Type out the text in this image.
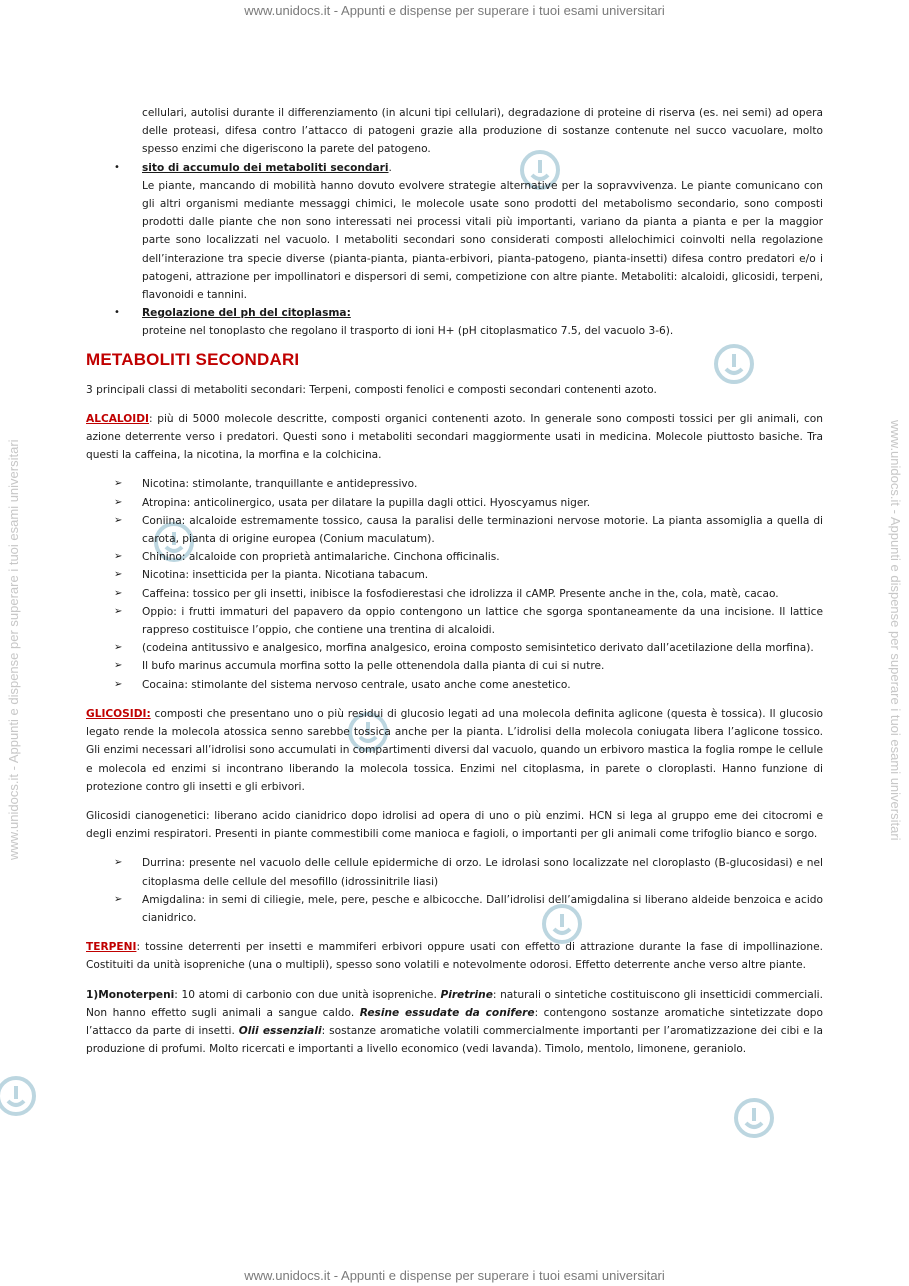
www.unidocs.it - Appunti e dispense per superare i tuoi esami universitari
www.unidocs.it - Appunti e dispense per superare i tuoi esami universitari
www.unidocs.it - Appunti e dispense per superare i tuoi esami universitari	www.unidocs.it - Appunti e dispense per superare i tuoi esami universitari

cellulari, autolisi durante il differenziamento (in alcuni tipi cellulari), degradazione di proteine di riserva (es. nei semi) ad opera delle proteasi, difesa contro l’attacco di patogeni grazie alla produzione di sostanze contenute nel succo vacuolare, molto spesso enzimi che digeriscono la parete del patogeno.

• sito di accumulo dei metaboliti secondari.

Le piante, mancando di mobilità hanno dovuto evolvere strategie alternative per la sopravvivenza. Le piante comunicano con gli altri organismi mediante messaggi chimici, le molecole usate sono prodotti del metabolismo secondario, sono composti prodotti dalle piante che non sono interessati nei processi vitali più importanti, variano da pianta a pianta e per la maggior parte sono localizzati nel vacuolo. I metaboliti secondari sono considerati composti allelochimici coinvolti nella regolazione dell’interazione tra specie diverse (pianta-pianta, pianta-erbivori, pianta-patogeno, pianta-insetti) difesa contro predatori e/o i patogeni, attrazione per impollinatori e dispersori di semi, competizione con altre piante. Metaboliti: alcaloidi, glicosidi, terpeni, flavonoidi e tannini.

• Regolazione del ph del citoplasma:

proteine nel tonoplasto che regolano il trasporto di ioni H+ (pH citoplasmatico 7.5, del vacuolo 3-6).

METABOLITI SECONDARI

3 principali classi di metaboliti secondari: Terpeni, composti fenolici e composti secondari contenenti azoto.

ALCALOIDI: più di 5000 molecole descritte, composti organici contenenti azoto. In generale sono composti tossici per gli animali, con azione deterrente verso i predatori. Questi sono i metaboliti secondari maggiormente usati in medicina. Molecole piuttosto basiche. Tra questi la caffeina, la nicotina, la morfina e la colchicina.

➢ Nicotina: stimolante, tranquillante e antidepressivo.

➢ Atropina: anticolinergico, usata per dilatare la pupilla dagli ottici. Hyoscyamus niger.

➢ Coniina: alcaloide estremamente tossico, causa la paralisi delle terminazioni nervose motorie. La pianta assomiglia a quella di carota, pianta di origine europea (Conium maculatum).

➢ Chinino: alcaloide con proprietà antimalariche. Cinchona officinalis.

➢ Nicotina: insetticida per la pianta. Nicotiana tabacum.

➢ Caffeina: tossico per gli insetti, inibisce la fosfodierestasi che idrolizza il cAMP. Presente anche in the, cola, matè, cacao.

➢ Oppio: i frutti immaturi del papavero da oppio contengono un lattice che sgorga spontaneamente da una incisione. Il lattice rappreso costituisce l’oppio, che contiene una trentina di alcaloidi.

➢ (codeina antitussivo e analgesico, morfina analgesico, eroina composto semisintetico derivato dall’acetilazione della morfina).

➢ Il bufo marinus accumula morfina sotto la pelle ottenendola dalla pianta di cui si nutre.

➢ Cocaina: stimolante del sistema nervoso centrale, usato anche come anestetico.

GLICOSIDI: composti che presentano uno o più residui di glucosio legati ad una molecola definita aglicone (questa è tossica). Il glucosio legato rende la molecola atossica senno sarebbe tossica anche per la pianta. L’idrolisi della molecola coniugata libera l’aglicone tossico. Gli enzimi necessari all’idrolisi sono accumulati in compartimenti diversi dal vacuolo, quando un erbivoro mastica la foglia rompe le cellule e molecola ed enzimi si incontrano liberando la molecola tossica. Enzimi nel citoplasma, in parete o cloroplasti. Hanno funzione di protezione contro gli insetti e gli erbivori.

Glicosidi cianogenetici: liberano acido cianidrico dopo idrolisi ad opera di uno o più enzimi. HCN si lega al gruppo eme dei citocromi e degli enzimi respiratori. Presenti in piante commestibili come manioca e fagioli, o importanti per gli animali come trifoglio bianco e sorgo.

➢ Durrina: presente nel vacuolo delle cellule epidermiche di orzo. Le idrolasi sono localizzate nel cloroplasto (B-glucosidasi) e nel citoplasma delle cellule del mesofillo (idrossinitrile liasi)

➢ Amigdalina: in semi di ciliegie, mele, pere, pesche e albicocche. Dall’idrolisi dell’amigdalina si liberano aldeide benzoica e acido cianidrico.

TERPENI: tossine deterrenti per insetti e mammiferi erbivori oppure usati con effetto di attrazione durante la fase di impollinazione. Costituiti da unità isopreniche (una o multipli), spesso sono volatili e notevolmente odorosi. Effetto deterrente anche verso altre piante.

1)Monoterpeni: 10 atomi di carbonio con due unità isopreniche. Piretrine: naturali o sintetiche costituiscono gli insetticidi commerciali. Non hanno effetto sugli animali a sangue caldo. Resine essudate da conifere: contengono sostanze aromatiche sintetizzate dopo l’attacco da parte di insetti. Olii essenziali: sostanze aromatiche volatili commercialmente importanti per l’aromatizzazione dei cibi e la produzione di profumi. Molto ricercati e importanti a livello economico (vedi lavanda). Timolo, mentolo, limonene, geraniolo.
